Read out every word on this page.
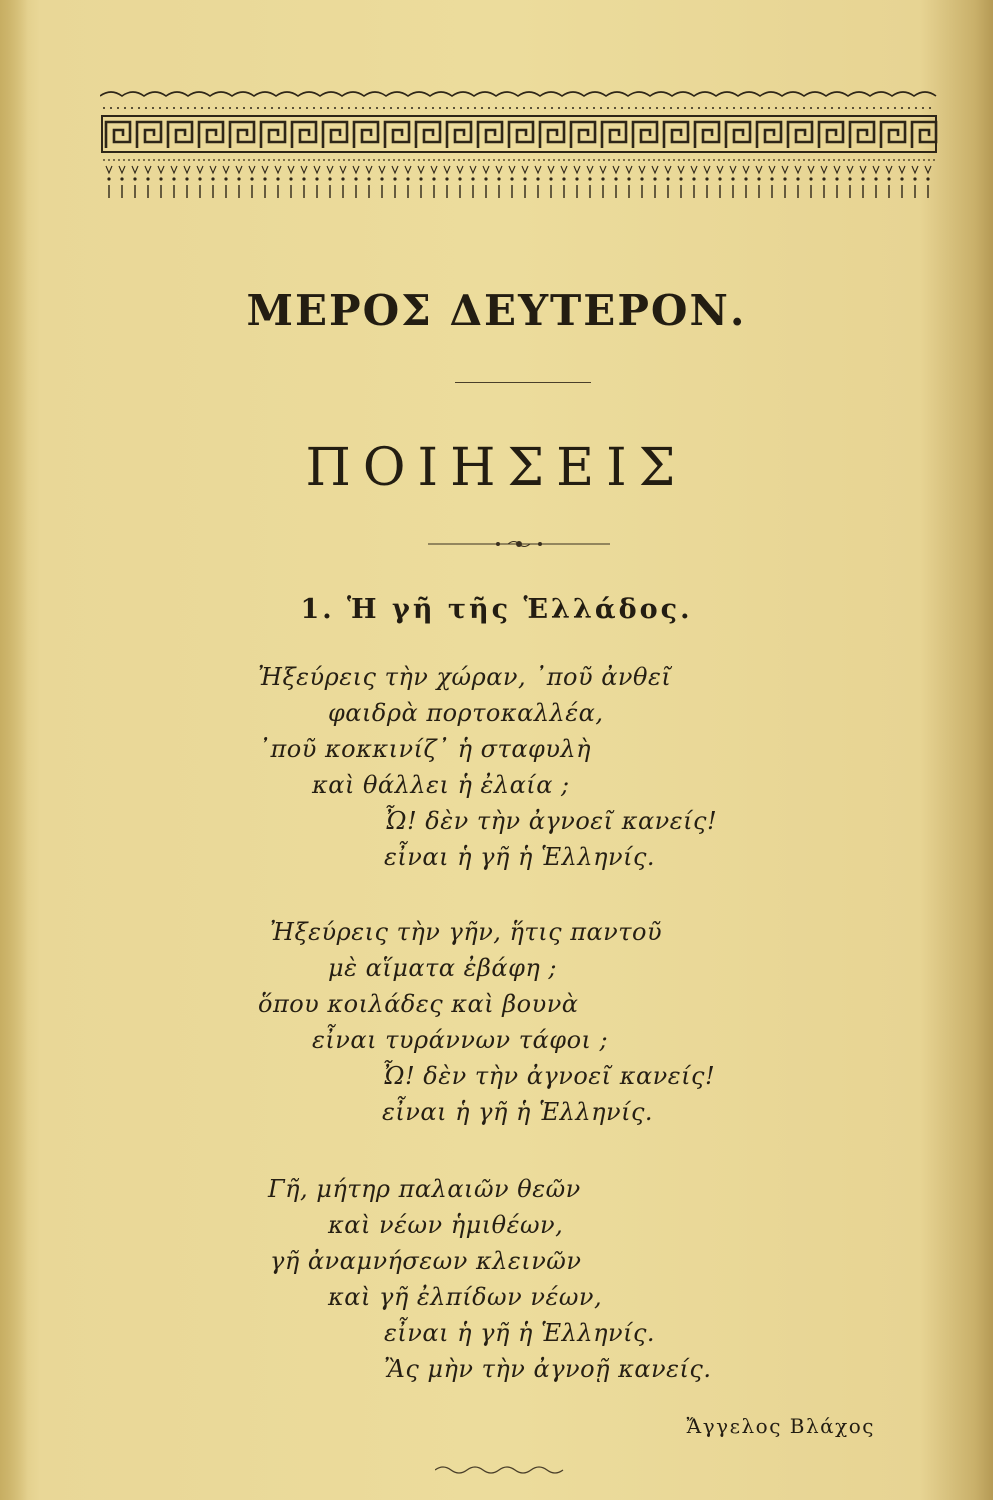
ΜΕΡΟΣ ΔΕΥΤΕΡΟΝ.
ΠΟΙΗΣΕΙΣ
1. Ἡ γῆ τῆς Ἑλλάδος.
Ἠξεύρεις τὴν χώραν, ᾽ποῦ ἀνθεῖ
φαιδρὰ πορτοκαλλέα,
᾽ποῦ κοκκινίζ᾽ ἡ σταφυλὴ
καὶ θάλλει ἡ ἐλαία ;
Ὦ! δὲν τὴν ἀγνοεῖ κανείς!
εἶναι ἡ γῆ ἡ Ἑλληνίς.
Ἠξεύρεις τὴν γῆν, ἥτις παντοῦ
μὲ αἵματα ἐβάφη ;
ὅπου κοιλάδες καὶ βουνὰ
εἶναι τυράννων τάφοι ;
Ὦ! δὲν τὴν ἀγνοεῖ κανείς!
εἶναι ἡ γῆ ἡ Ἑλληνίς.
Γῆ, μήτηρ παλαιῶν θεῶν
καὶ νέων ἡμιθέων,
γῆ ἀναμνήσεων κλεινῶν
καὶ γῆ ἐλπίδων νέων,
εἶναι ἡ γῆ ἡ Ἑλληνίς.
Ἂς μὴν τὴν ἀγνοῇ κανείς.
Ἄγγελος Βλάχος
